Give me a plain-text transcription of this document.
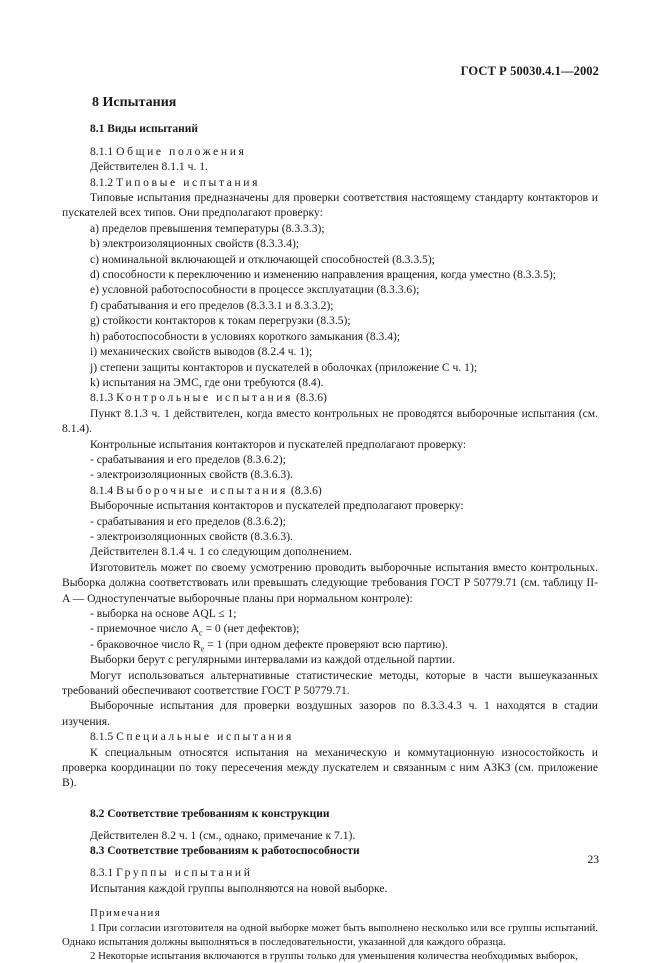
ГОСТ Р 50030.4.1—2002
8 Испытания
8.1 Виды испытаний
8.1.1 Общие положения
Действителен 8.1.1 ч. 1.
8.1.2 Типовые испытания
Типовые испытания предназначены для проверки соответствия настоящему стандарту контакторов и пускателей всех типов. Они предполагают проверку:
a) пределов превышения температуры (8.3.3.3);
b) электроизоляционных свойств (8.3.3.4);
c) номинальной включающей и отключающей способностей (8.3.3.5);
d) способности к переключению и изменению направления вращения, когда уместно (8.3.3.5);
e) условной работоспособности в процессе эксплуатации (8.3.3.6);
f) срабатывания и его пределов (8.3.3.1 и 8.3.3.2);
g) стойкости контакторов к токам перегрузки (8.3.5);
h) работоспособности в условиях короткого замыкания (8.3.4);
i) механических свойств выводов (8.2.4 ч. 1);
j) степени защиты контакторов и пускателей в оболочках (приложение С ч. 1);
k) испытания на ЭМС, где они требуются (8.4).
8.1.3 Контрольные испытания (8.3.6)
Пункт 8.1.3 ч. 1 действителен, когда вместо контрольных не проводятся выборочные испытания (см. 8.1.4).
Контрольные испытания контакторов и пускателей предполагают проверку:
- срабатывания и его пределов (8.3.6.2);
- электроизоляционных свойств (8.3.6.3).
8.1.4 Выборочные испытания (8.3.6)
Выборочные испытания контакторов и пускателей предполагают проверку:
- срабатывания и его пределов (8.3.6.2);
- электроизоляционных свойств (8.3.6.3).
Действителен 8.1.4 ч. 1 со следующим дополнением.
Изготовитель может по своему усмотрению проводить выборочные испытания вместо контрольных. Выборка должна соответствовать или превышать следующие требования ГОСТ Р 50779.71 (см. таблицу II-A — Одноступенчатые выборочные планы при нормальном контроле):
- выборка на основе AQL ≤ 1;
- приемочное число $А_с = 0$ (нет дефектов);
- браковочное число $R_e = 1$ (при одном дефекте проверяют всю партию).
Выборки берут с регулярными интервалами из каждой отдельной партии.
Могут использоваться альтернативные статистические методы, которые в части вышеуказанных требований обеспечивают соответствие ГОСТ Р 50779.71.
Выборочные испытания для проверки воздушных зазоров по 8.3.3.4.3 ч. 1 находятся в стадии изучения.
8.1.5 Специальные испытания
К специальным относятся испытания на механическую и коммутационную износостойкость и проверка координации по току пересечения между пускателем и связанным с ним АЗКЗ (см. приложение В).
8.2 Соответствие требованиям к конструкции
Действителен 8.2 ч. 1 (см., однако, примечание к 7.1).
8.3 Соответствие требованиям к работоспособности
8.3.1 Группы испытаний
Испытания каждой группы выполняются на новой выборке.
Примечания
1 При согласии изготовителя на одной выборке может быть выполнено несколько или все группы испытаний. Однако испытания должны выполняться в последовательности, указанной для каждого образца.
2 Некоторые испытания включаются в группы только для уменьшения количества необходимых выборок,
23
